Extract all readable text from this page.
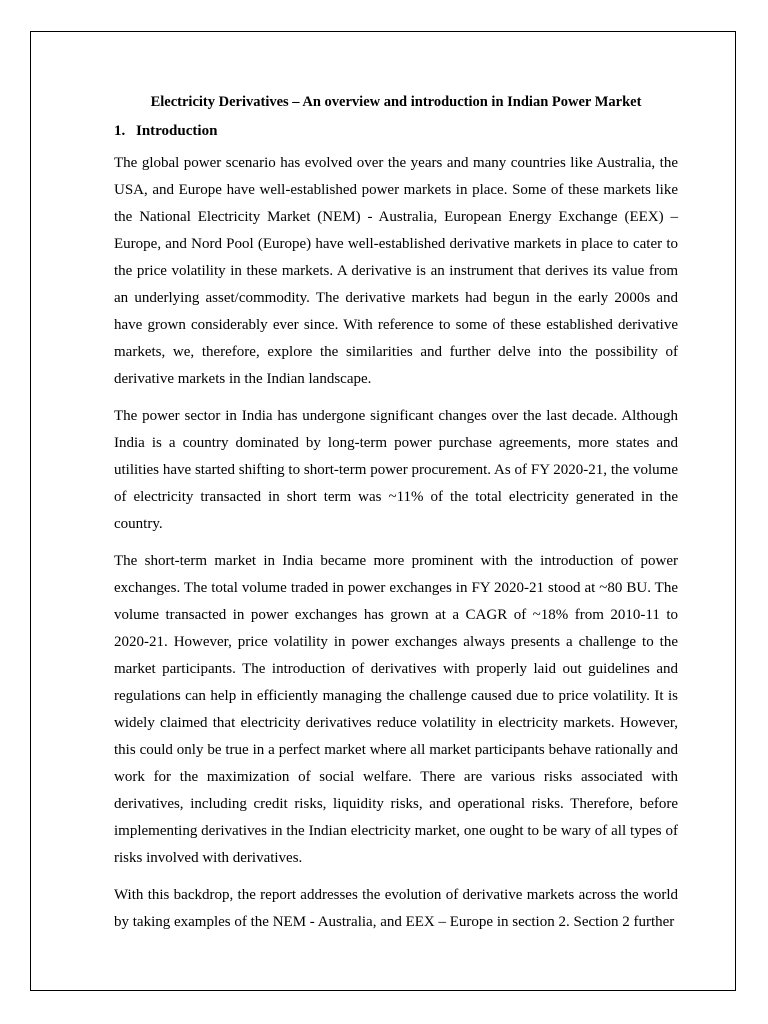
Electricity Derivatives – An overview and introduction in Indian Power Market
1. Introduction

The global power scenario has evolved over the years and many countries like Australia, the USA, and Europe have well-established power markets in place. Some of these markets like the National Electricity Market (NEM) - Australia, European Energy Exchange (EEX) – Europe, and Nord Pool (Europe) have well-established derivative markets in place to cater to the price volatility in these markets. A derivative is an instrument that derives its value from an underlying asset/commodity. The derivative markets had begun in the early 2000s and have grown considerably ever since. With reference to some of these established derivative markets, we, therefore, explore the similarities and further delve into the possibility of derivative markets in the Indian landscape.

The power sector in India has undergone significant changes over the last decade. Although India is a country dominated by long-term power purchase agreements, more states and utilities have started shifting to short-term power procurement. As of FY 2020-21, the volume of electricity transacted in short term was ~11% of the total electricity generated in the country.

The short-term market in India became more prominent with the introduction of power exchanges. The total volume traded in power exchanges in FY 2020-21 stood at ~80 BU. The volume transacted in power exchanges has grown at a CAGR of ~18% from 2010-11 to 2020-21. However, price volatility in power exchanges always presents a challenge to the market participants. The introduction of derivatives with properly laid out guidelines and regulations can help in efficiently managing the challenge caused due to price volatility. It is widely claimed that electricity derivatives reduce volatility in electricity markets. However, this could only be true in a perfect market where all market participants behave rationally and work for the maximization of social welfare. There are various risks associated with derivatives, including credit risks, liquidity risks, and operational risks. Therefore, before implementing derivatives in the Indian electricity market, one ought to be wary of all types of risks involved with derivatives.

With this backdrop, the report addresses the evolution of derivative markets across the world by taking examples of the NEM - Australia, and EEX – Europe in section 2. Section 2 further
